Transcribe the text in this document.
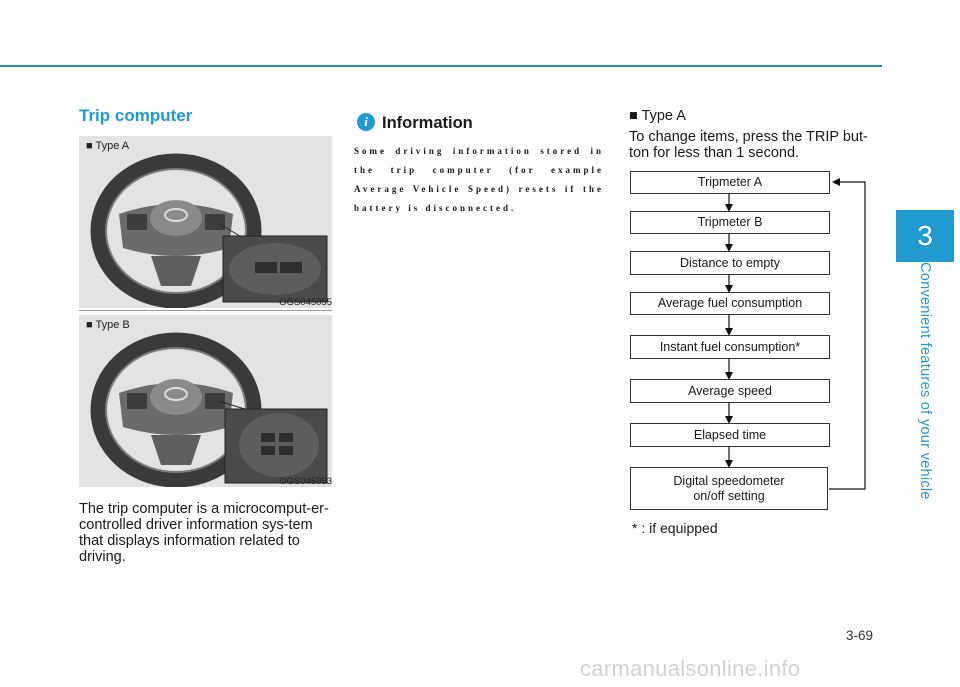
3
Convenient features of your vehicle
Trip computer
■ Type A
OGS045055
■ Type B
OGS045053
The trip computer is a microcomput-er-controlled driver information sys-tem that displays information related to driving.
i Information
Some driving information stored in the trip computer (for example Average Vehicle Speed) resets if the battery is disconnected.
■ Type A
To change items, press the TRIP but-ton for less than 1 second.
Tripmeter A
Tripmeter B
Distance to empty
Average fuel consumption
Instant fuel consumption*
Average speed
Elapsed time
Digital speedometer on/off setting
* : if equipped
3-69
carmanualsonline.info
